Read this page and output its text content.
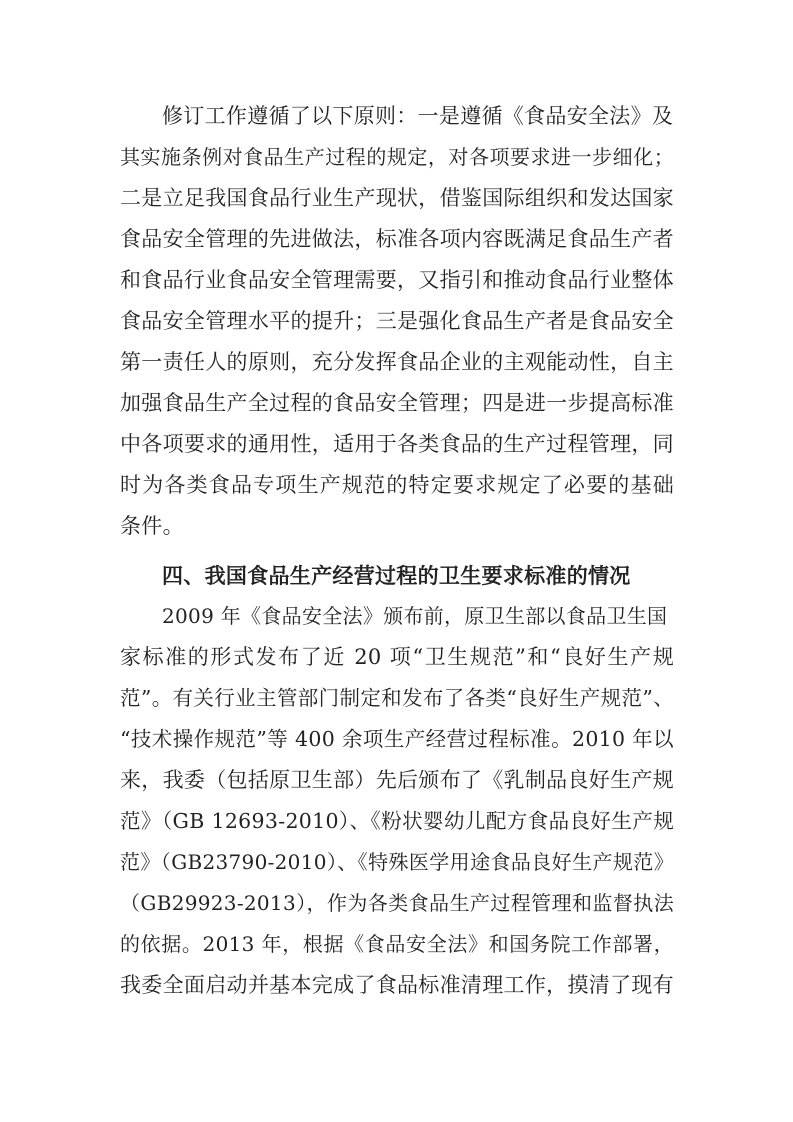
修订工作遵循了以下原则：一是遵循《食品安全法》及
其实施条例对食品生产过程的规定，对各项要求进一步细化；
二是立足我国食品行业生产现状，借鉴国际组织和发达国家
食品安全管理的先进做法，标准各项内容既满足食品生产者
和食品行业食品安全管理需要，又指引和推动食品行业整体
食品安全管理水平的提升；三是强化食品生产者是食品安全
第一责任人的原则，充分发挥食品企业的主观能动性，自主
加强食品生产全过程的食品安全管理；四是进一步提高标准
中各项要求的通用性，适用于各类食品的生产过程管理，同
时为各类食品专项生产规范的特定要求规定了必要的基础
条件。
四、我国食品生产经营过程的卫生要求标准的情况
2009 年《食品安全法》颁布前，原卫生部以食品卫生国
家标准的形式发布了近 20 项“卫生规范”和“良好生产规
范”。有关行业主管部门制定和发布了各类“良好生产规范”、
“技术操作规范”等 400 余项生产经营过程标准。2010 年以
来，我委（包括原卫生部）先后颁布了《乳制品良好生产规
范》（GB 12693-2010）、《粉状婴幼儿配方食品良好生产规
范》（GB23790-2010）、《特殊医学用途食品良好生产规范》
（GB29923-2013），作为各类食品生产过程管理和监督执法
的依据。2013 年，根据《食品安全法》和国务院工作部署，
我委全面启动并基本完成了食品标准清理工作，摸清了现有
